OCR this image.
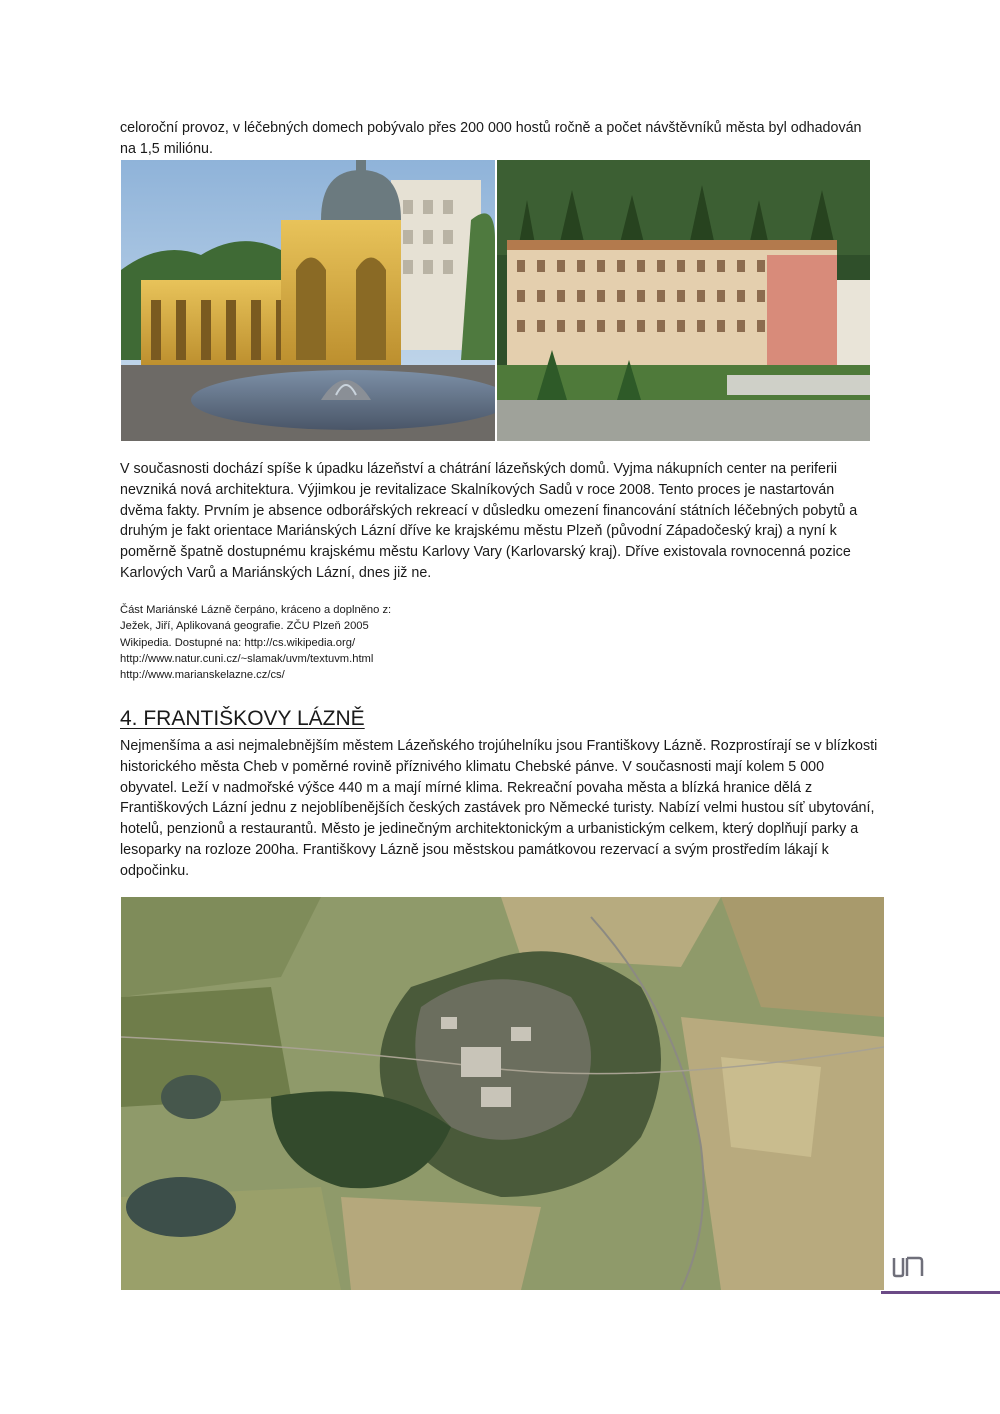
celoroční provoz, v léčebných domech pobývalo přes 200 000 hostů ročně a počet návštěvníků města byl odhadován na 1,5 miliónu.

V současnosti dochází spíše k úpadku lázeňství a chátrání lázeňských domů. Vyjma nákupních center na periferii nevzniká nová architektura. Výjimkou je revitalizace Skalníkových Sadů v roce 2008. Tento proces je nastartován dvěma fakty. Prvním je absence odborářských rekreací v důsledku omezení financování státních léčebných pobytů a druhým je fakt orientace Mariánských Lázní dříve ke krajskému městu Plzeň (původní Západočeský kraj) a nyní k poměrně špatně dostupnému krajskému městu Karlovy Vary (Karlovarský kraj). Dříve existovala rovnocenná pozice Karlových Varů a Mariánských Lázní, dnes již ne.

Část Mariánské Lázně čerpáno, kráceno a doplněno z:
Ježek, Jiří, Aplikovaná geografie. ZČU Plzeň 2005
Wikipedia. Dostupné na: http://cs.wikipedia.org/
http://www.natur.cuni.cz/~slamak/uvm/textuvm.html
http://www.marianskelazne.cz/cs/
4. FRANTIŠKOVY LÁZNĚ

Nejmenšíma a asi nejmalebnějším městem Lázeňského trojúhelníku jsou Františkovy Lázně. Rozprostírají se v blízkosti historického města Cheb v poměrné rovině příznivého klimatu Chebské pánve. V současnosti mají kolem 5 000 obyvatel. Leží v nadmořské výšce 440 m a mají mírné klima. Rekreační povaha města a blízká hranice dělá z Františkových Lázní jednu z nejoblíbenějších českých zastávek pro Německé turisty. Nabízí velmi hustou síť ubytování, hotelů, penzionů a restaurantů. Město je jedinečným architektonickým a urbanistickým celkem, který doplňují parky a lesoparky na rozloze 200ha. Františkovy Lázně jsou městskou památkovou rezervací a svým prostředím lákají k odpočinku.
